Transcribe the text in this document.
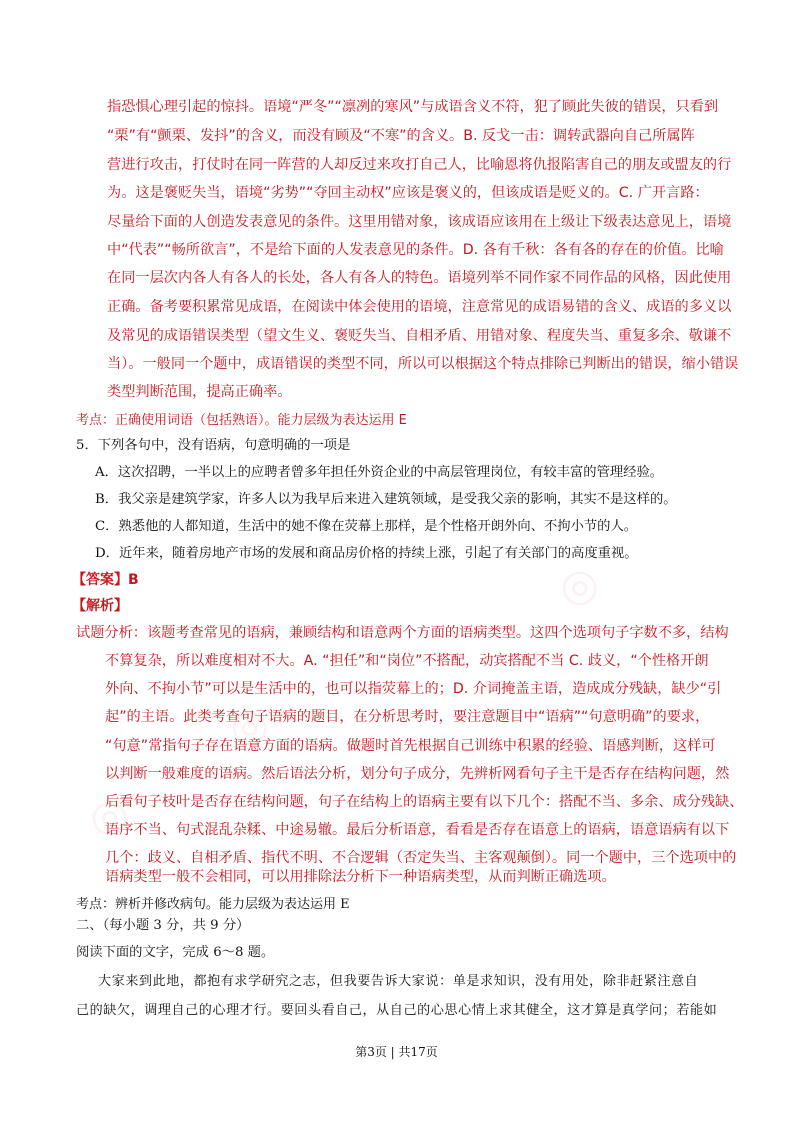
◎
◎
◎
指恐惧心理引起的惊抖。语境“严冬”“凛冽的寒风”与成语含义不符，犯了顾此失彼的错误，只看到
“栗”有“颤栗、发抖”的含义，而没有顾及“不寒”的含义。B. 反戈一击：调转武器向自己所属阵
营进行攻击，打仗时在同一阵营的人却反过来攻打自己人，比喻恩将仇报陷害自己的朋友或盟友的行
为。这是褒贬失当，语境“劣势”“夺回主动权”应该是褒义的，但该成语是贬义的。C. 广开言路：
尽量给下面的人创造发表意见的条件。这里用错对象，该成语应该用在上级让下级表达意见上，语境
中“代表”“畅所欲言”，不是给下面的人发表意见的条件。D. 各有千秋：各有各的存在的价值。比喻
在同一层次内各人有各人的长处，各人有各人的特色。语境列举不同作家不同作品的风格，因此使用
正确。备考要积累常见成语，在阅读中体会使用的语境，注意常见的成语易错的含义、成语的多义以
及常见的成语错误类型（望文生义、褒贬失当、自相矛盾、用错对象、程度失当、重复多余、敬谦不
当）。一般同一个题中，成语错误的类型不同，所以可以根据这个特点排除已判断出的错误，缩小错误
类型判断范围，提高正确率。
考点：正确使用词语（包括熟语）。能力层级为表达运用 E
5．下列各句中，没有语病，句意明确的一项是
A．这次招聘，一半以上的应聘者曾多年担任外资企业的中高层管理岗位，有较丰富的管理经验。
B．我父亲是建筑学家，许多人以为我早后来进入建筑领域，是受我父亲的影响，其实不是这样的。
C．熟悉他的人都知道，生活中的她不像在荧幕上那样，是个性格开朗外向、不拘小节的人。
D．近年来，随着房地产市场的发展和商品房价格的持续上涨，引起了有关部门的高度重视。
【答案】B
【解析】
试题分析：该题考查常见的语病，兼顾结构和语意两个方面的语病类型。这四个选项句子字数不多，结构
不算复杂，所以难度相对不大。A. “担任”和“岗位”不搭配，动宾搭配不当 C. 歧义，“个性格开朗
外向、不拘小节”可以是生活中的，也可以指荧幕上的；D. 介词掩盖主语，造成成分残缺，缺少“引
起”的主语。此类考查句子语病的题目，在分析思考时，要注意题目中“语病”“句意明确”的要求，
“句意”常指句子存在语意方面的语病。做题时首先根据自己训练中积累的经验、语感判断，这样可
以判断一般难度的语病。然后语法分析，划分句子成分，先辨析网看句子主干是否存在结构问题，然
后看句子枝叶是否存在结构问题，句子在结构上的语病主要有以下几个：搭配不当、多余、成分残缺、
语序不当、句式混乱杂糅、中途易辙。最后分析语意，看看是否存在语意上的语病，语意语病有以下
几个：歧义、自相矛盾、指代不明、不合逻辑（否定失当、主客观颠倒）。同一个题中，三个选项中的
语病类型一般不会相同，可以用排除法分析下一种语病类型，从而判断正确选项。
考点：辨析并修改病句。能力层级为表达运用 E
二、（每小题 3 分，共 9 分）
阅读下面的文字，完成 6～8 题。
大家来到此地，都抱有求学研究之志，但我要告诉大家说：单是求知识，没有用处，除非赶紧注意自
己的缺欠，调理自己的心理才行。要回头看自己，从自己的心思心情上求其健全，这才算是真学问；若能如
第3页 | 共17页
